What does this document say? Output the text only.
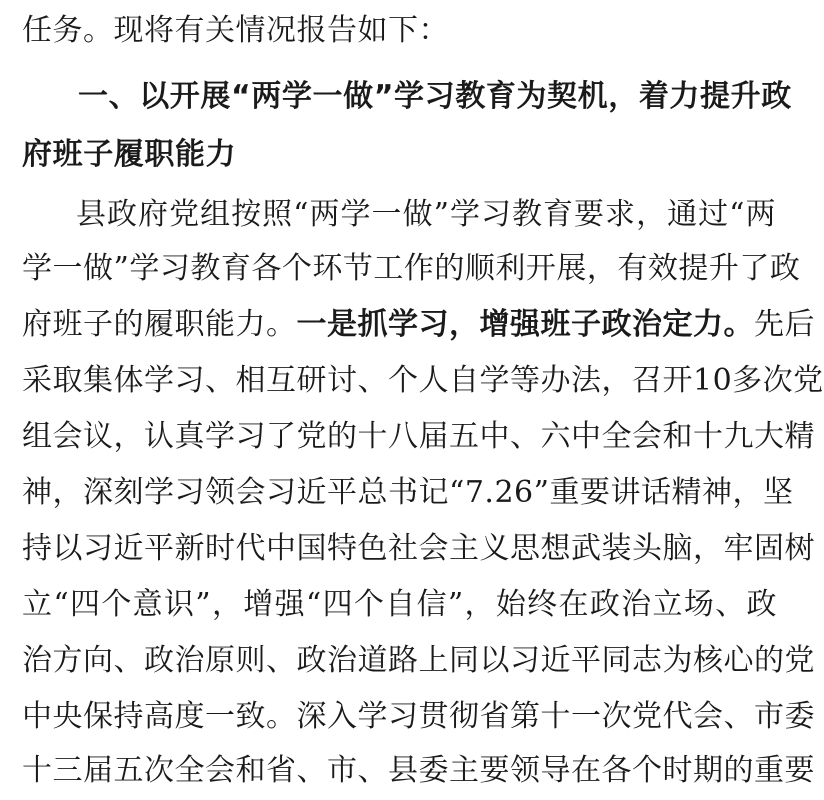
任务。现将有关情况报告如下：
一、以开展“两学一做”学习教育为契机，着力提升政
府班子履职能力
县政府党组按照“两学一做”学习教育要求，通过“两
学一做”学习教育各个环节工作的顺利开展，有效提升了政
府班子的履职能力。一是抓学习，增强班子政治定力。先后
采取集体学习、相互研讨、个人自学等办法，召开10多次党
组会议，认真学习了党的十八届五中、六中全会和十九大精
神，深刻学习领会习近平总书记“7.26”重要讲话精神，坚
持以习近平新时代中国特色社会主义思想武装头脑，牢固树
立“四个意识”，增强“四个自信”，始终在政治立场、政
治方向、政治原则、政治道路上同以习近平同志为核心的党
中央保持高度一致。深入学习贯彻省第十一次党代会、市委
十三届五次全会和省、市、县委主要领导在各个时期的重要
